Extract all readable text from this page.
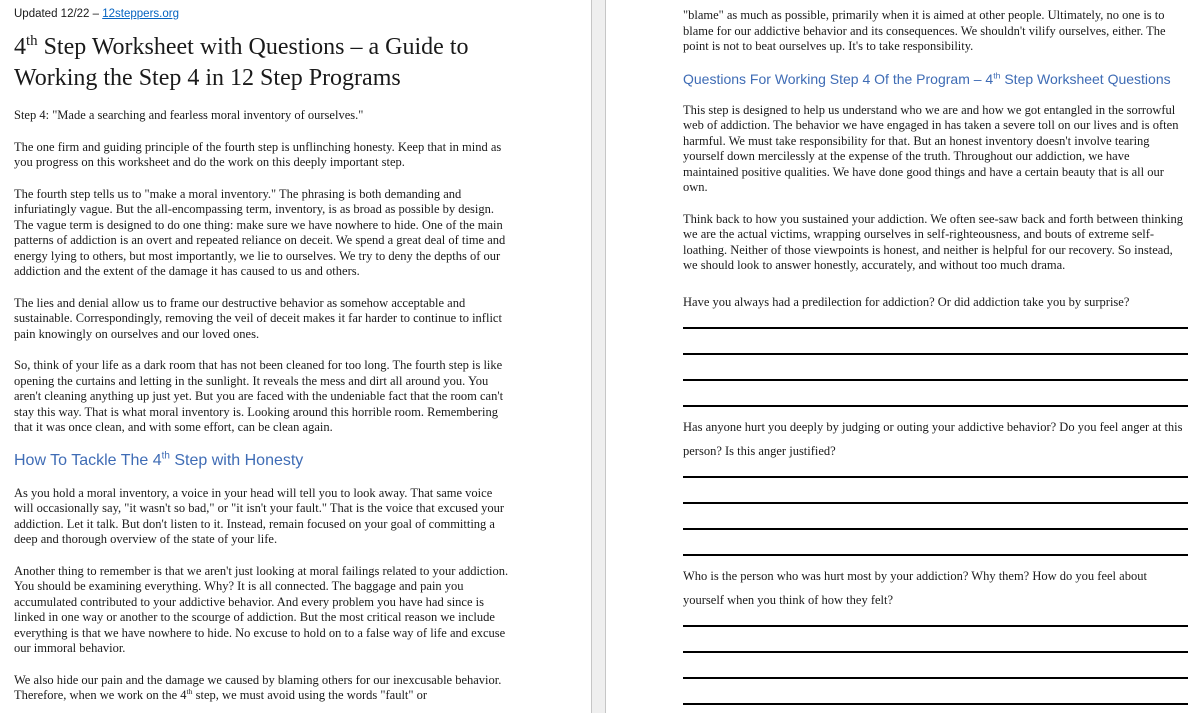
Updated 12/22 – 12steppers.org
4th Step Worksheet with Questions – a Guide to Working the Step 4 in 12 Step Programs

Step 4: "Made a searching and fearless moral inventory of ourselves."

The one firm and guiding principle of the fourth step is unflinching honesty. Keep that in mind as you progress on this worksheet and do the work on this deeply important step.

The fourth step tells us to "make a moral inventory." The phrasing is both demanding and infuriatingly vague. But the all-encompassing term, inventory, is as broad as possible by design. The vague term is designed to do one thing: make sure we have nowhere to hide. One of the main patterns of addiction is an overt and repeated reliance on deceit. We spend a great deal of time and energy lying to others, but most importantly, we lie to ourselves. We try to deny the depths of our addiction and the extent of the damage it has caused to us and others.

The lies and denial allow us to frame our destructive behavior as somehow acceptable and sustainable. Correspondingly, removing the veil of deceit makes it far harder to continue to inflict pain knowingly on ourselves and our loved ones.

So, think of your life as a dark room that has not been cleaned for too long. The fourth step is like opening the curtains and letting in the sunlight. It reveals the mess and dirt all around you. You aren't cleaning anything up just yet. But you are faced with the undeniable fact that the room can't stay this way. That is what moral inventory is. Looking around this horrible room. Remembering that it was once clean, and with some effort, can be clean again.

How To Tackle The 4th Step with Honesty

As you hold a moral inventory, a voice in your head will tell you to look away. That same voice will occasionally say, "it wasn't so bad," or "it isn't your fault." That is the voice that excused your addiction. Let it talk. But don't listen to it. Instead, remain focused on your goal of committing a deep and thorough overview of the state of your life.

Another thing to remember is that we aren't just looking at moral failings related to your addiction. You should be examining everything. Why? It is all connected. The baggage and pain you accumulated contributed to your addictive behavior. And every problem you have had since is linked in one way or another to the scourge of addiction. But the most critical reason we include everything is that we have nowhere to hide. No excuse to hold on to a false way of life and excuse our immoral behavior.

We also hide our pain and the damage we caused by blaming others for our inexcusable behavior. Therefore, when we work on the 4th step, we must avoid using the words "fault" or

"blame" as much as possible, primarily when it is aimed at other people. Ultimately, no one is to blame for our addictive behavior and its consequences. We shouldn't vilify ourselves, either. The point is not to beat ourselves up. It's to take responsibility.

Questions For Working Step 4 Of the Program – 4th Step Worksheet Questions

This step is designed to help us understand who we are and how we got entangled in the sorrowful web of addiction. The behavior we have engaged in has taken a severe toll on our lives and is often harmful. We must take responsibility for that. But an honest inventory doesn't involve tearing yourself down mercilessly at the expense of the truth. Throughout our addiction, we have maintained positive qualities. We have done good things and have a certain beauty that is all our own.

Think back to how you sustained your addiction. We often see-saw back and forth between thinking we are the actual victims, wrapping ourselves in self-righteousness, and bouts of extreme self-loathing. Neither of those viewpoints is honest, and neither is helpful for our recovery. So instead, we should look to answer honestly, accurately, and without too much drama.

Have you always had a predilection for addiction? Or did addiction take you by surprise?

Has anyone hurt you deeply by judging or outing your addictive behavior? Do you feel anger at this person? Is this anger justified?

Who is the person who was hurt most by your addiction? Why them? How do you feel about yourself when you think of how they felt?
